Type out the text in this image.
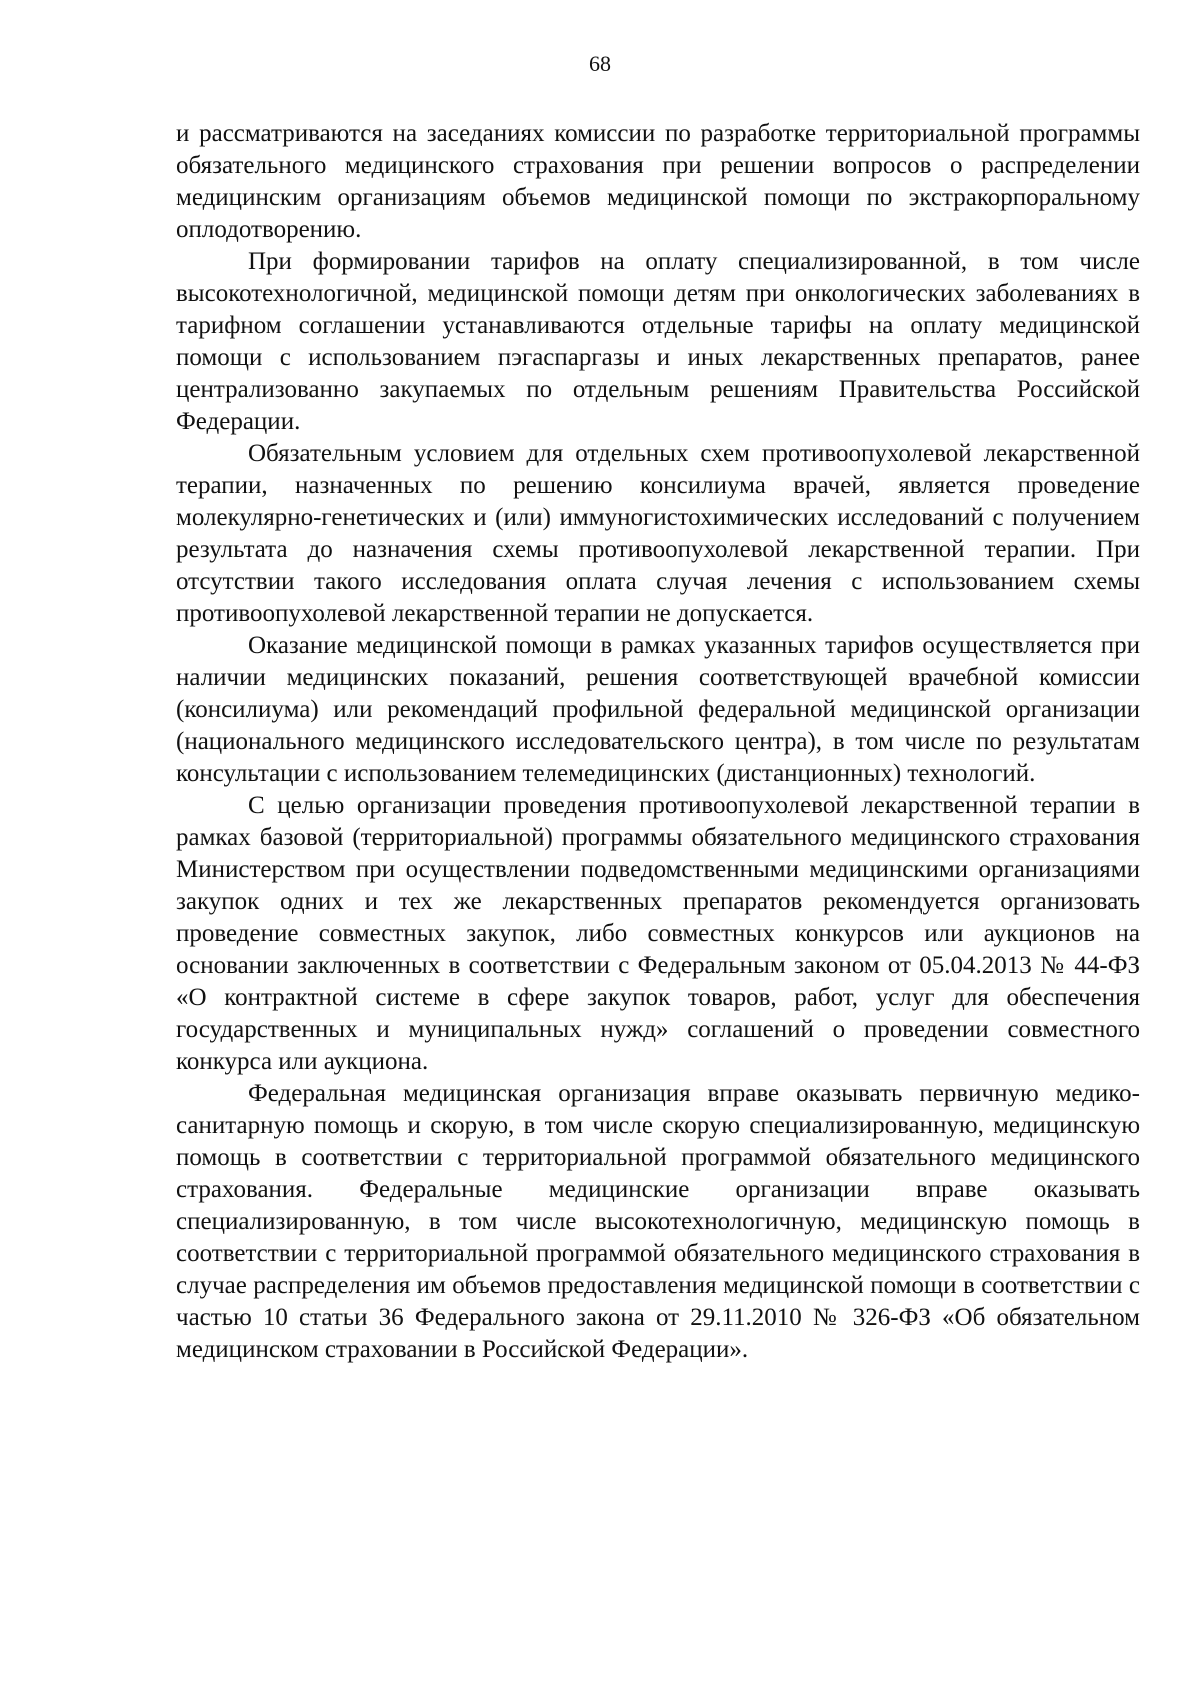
68

и рассматриваются на заседаниях комиссии по разработке территориальной программы обязательного медицинского страхования при решении вопросов о распределении медицинским организациям объемов медицинской помощи по экстракорпоральному оплодотворению.

При формировании тарифов на оплату специализированной, в том числе высокотехнологичной, медицинской помощи детям при онкологических заболеваниях в тарифном соглашении устанавливаются отдельные тарифы на оплату медицинской помощи с использованием пэгаспаргазы и иных лекарственных препаратов, ранее централизованно закупаемых по отдельным решениям Правительства Российской Федерации.

Обязательным условием для отдельных схем противоопухолевой лекарственной терапии, назначенных по решению консилиума врачей, является проведение молекулярно-генетических и (или) иммуногистохимических исследований с получением результата до назначения схемы противоопухолевой лекарственной терапии. При отсутствии такого исследования оплата случая лечения с использованием схемы противоопухолевой лекарственной терапии не допускается.

Оказание медицинской помощи в рамках указанных тарифов осуществляется при наличии медицинских показаний, решения соответствующей врачебной комиссии (консилиума) или рекомендаций профильной федеральной медицинской организации (национального медицинского исследовательского центра), в том числе по результатам консультации с использованием телемедицинских (дистанционных) технологий.

С целью организации проведения противоопухолевой лекарственной терапии в рамках базовой (территориальной) программы обязательного медицинского страхования Министерством при осуществлении подведомственными медицинскими организациями закупок одних и тех же лекарственных препаратов рекомендуется организовать проведение совместных закупок, либо совместных конкурсов или аукционов на основании заключенных в соответствии с Федеральным законом от 05.04.2013 № 44-ФЗ «О контрактной системе в сфере закупок товаров, работ, услуг для обеспечения государственных и муниципальных нужд» соглашений о проведении совместного конкурса или аукциона.

Федеральная медицинская организация вправе оказывать первичную медико-санитарную помощь и скорую, в том числе скорую специализированную, медицинскую помощь в соответствии с территориальной программой обязательного медицинского страхования. Федеральные медицинские организации вправе оказывать специализированную, в том числе высокотехнологичную, медицинскую помощь в соответствии с территориальной программой обязательного медицинского страхования в случае распределения им объемов предоставления медицинской помощи в соответствии с частью 10 статьи 36 Федерального закона от 29.11.2010 № 326-ФЗ «Об обязательном медицинском страховании в Российской Федерации».
